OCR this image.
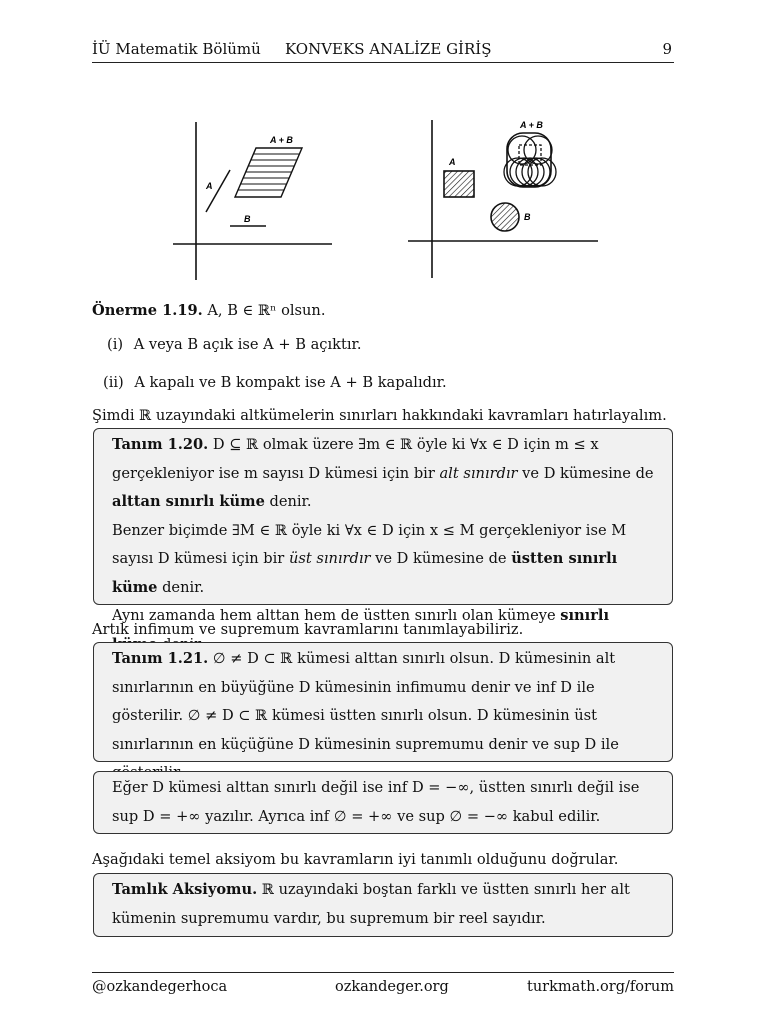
İÜ Matematik Bölümü KONVEKS ANALİZE GİRİŞ	9
A
B
A + B
A
B
A + B
Önerme 1.19. A, B ∈ ℝⁿ olsun.
(i) A veya B açık ise A + B açıktır.
(ii) A kapalı ve B kompakt ise A + B kapalıdır.
Şimdi ℝ uzayındaki altkümelerin sınırları hakkındaki kavramları hatırlayalım.

Tanım 1.20. D ⊆ ℝ olmak üzere ∃m ∈ ℝ öyle ki ∀x ∈ D için m ≤ x gerçekleniyor ise m sayısı D kümesi için bir alt sınırdır ve D kümesine de alttan sınırlı küme denir.

Benzer biçimde ∃M ∈ ℝ öyle ki ∀x ∈ D için x ≤ M gerçekleniyor ise M sayısı D kümesi için bir üst sınırdır ve D kümesine de üstten sınırlı küme denir.

Aynı zamanda hem alttan hem de üstten sınırlı olan kümeye sınırlı

Artık infimum ve supremum kavramlarını tanımlayabiliriz.

Tanım 1.21. ∅ ≠ D ⊂ ℝ kümesi alttan sınırlı olsun. D kümesinin alt sınırlarının en büyüğüne D kümesinin infimumu denir ve inf D ile gösterilir. ∅ ≠ D ⊂ ℝ kümesi üstten sınırlı olsun. D kümesinin üst sınırlarının en küçüğüne D kümesinin supremumu denir ve sup D ile

Eğer D kümesi alttan sınırlı değil ise inf D = −∞, üstten sınırlı değil ise sup D = +∞ yazılır. Ayrıca inf ∅ = +∞ ve sup ∅ = −∞ kabul edilir.

Aşağıdaki temel aksiyom bu kavramların iyi tanımlı olduğunu doğrular.

Tamlık Aksiyomu. ℝ uzayındaki boştan farklı ve üstten sınırlı her alt kümenin supremumu vardır, bu supremum bir reel sayıdır.

@ozkandegerhoca	ozkandeger.org	turkmath.org/forum
